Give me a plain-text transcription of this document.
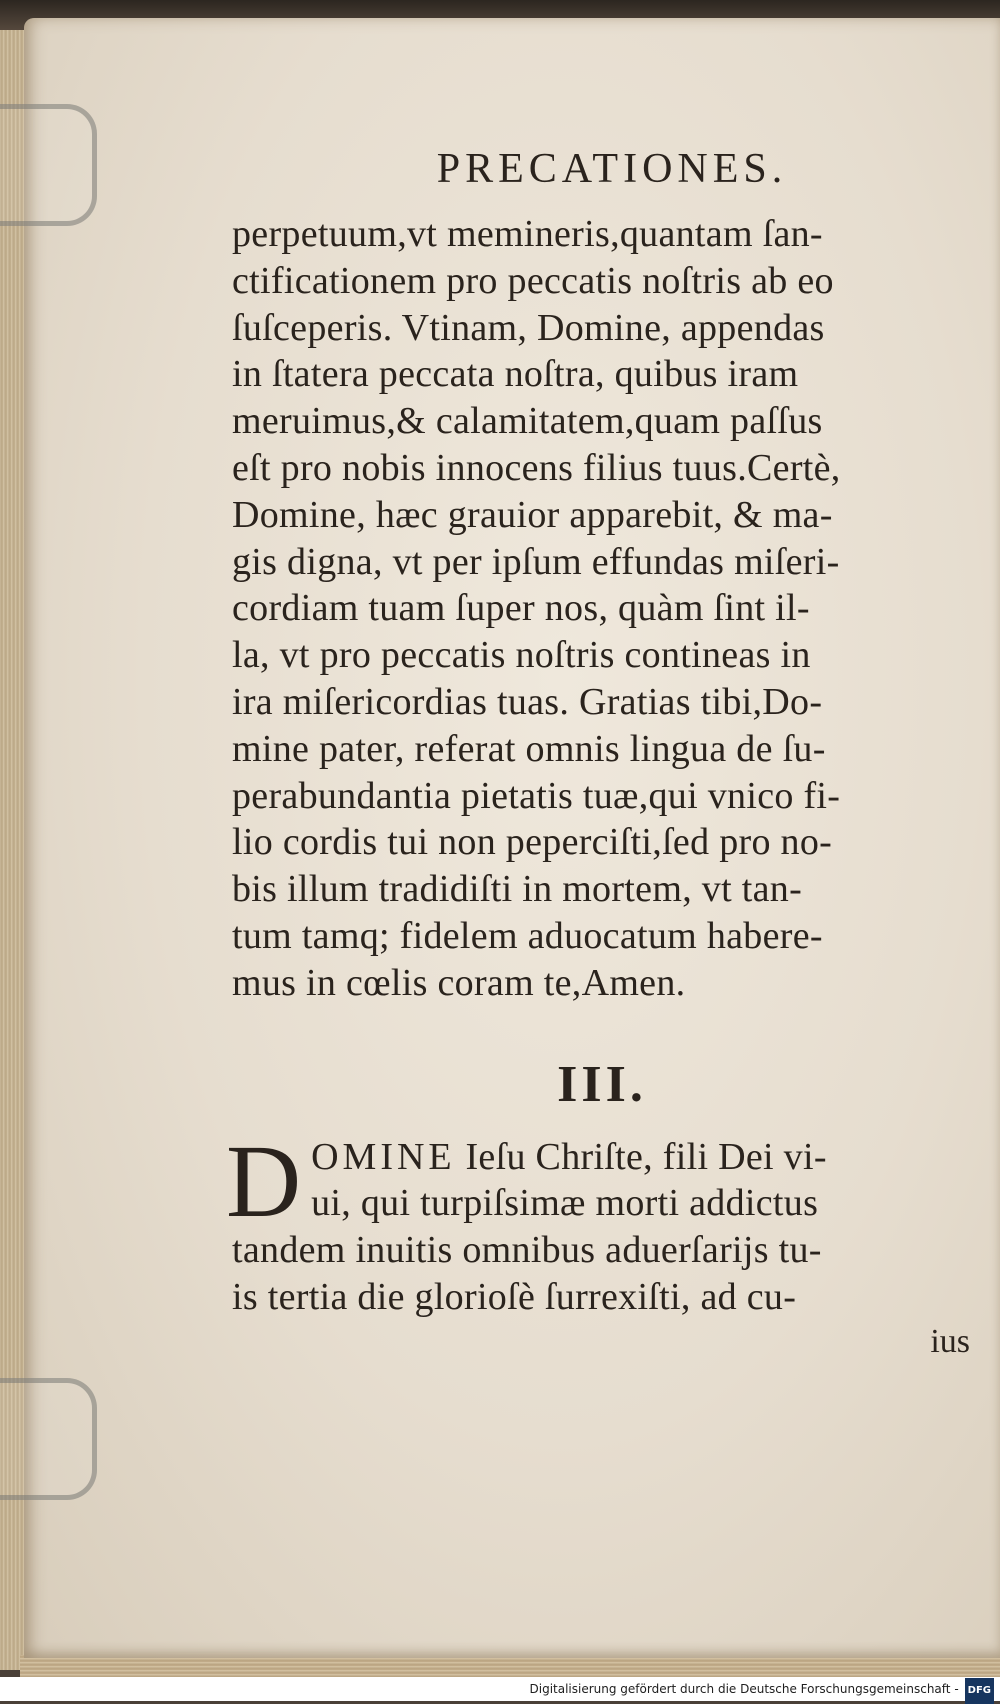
PRECATIONES.
perpetuum,vt memineris,quantam ſan-
ctificationem pro peccatis noſtris ab eo
ſuſceperis. Vtinam, Domine, appendas
in ſtatera peccata noſtra, quibus iram
meruimus,& calamitatem,quam paſſus
eſt pro nobis innocens filius tuus.Certè,
Domine, hæc grauior apparebit, & ma-
gis digna, vt per ipſum effundas miſeri-
cordiam tuam ſuper nos, quàm ſint il-
la, vt pro peccatis noſtris contineas in
ira miſericordias tuas. Gratias tibi,Do-
mine pater, referat omnis lingua de ſu-
perabundantia pietatis tuæ,qui vnico fi-
lio cordis tui non peperciſti,ſed pro no-
bis illum tradidiſti in mortem, vt tan-
tum tamq; fidelem aduocatum habere-
mus in cœlis coram te,Amen.
III.
D OMINE Ieſu Chriſte, fili Dei vi-
ui, qui turpiſsimæ morti addictus
tandem inuitis omnibus aduerſarijs tu-
is tertia die glorioſè ſurrexiſti, ad cu-
ius
Digitalisierung gefördert durch die Deutsche Forschungsgemeinschaft - DFG
